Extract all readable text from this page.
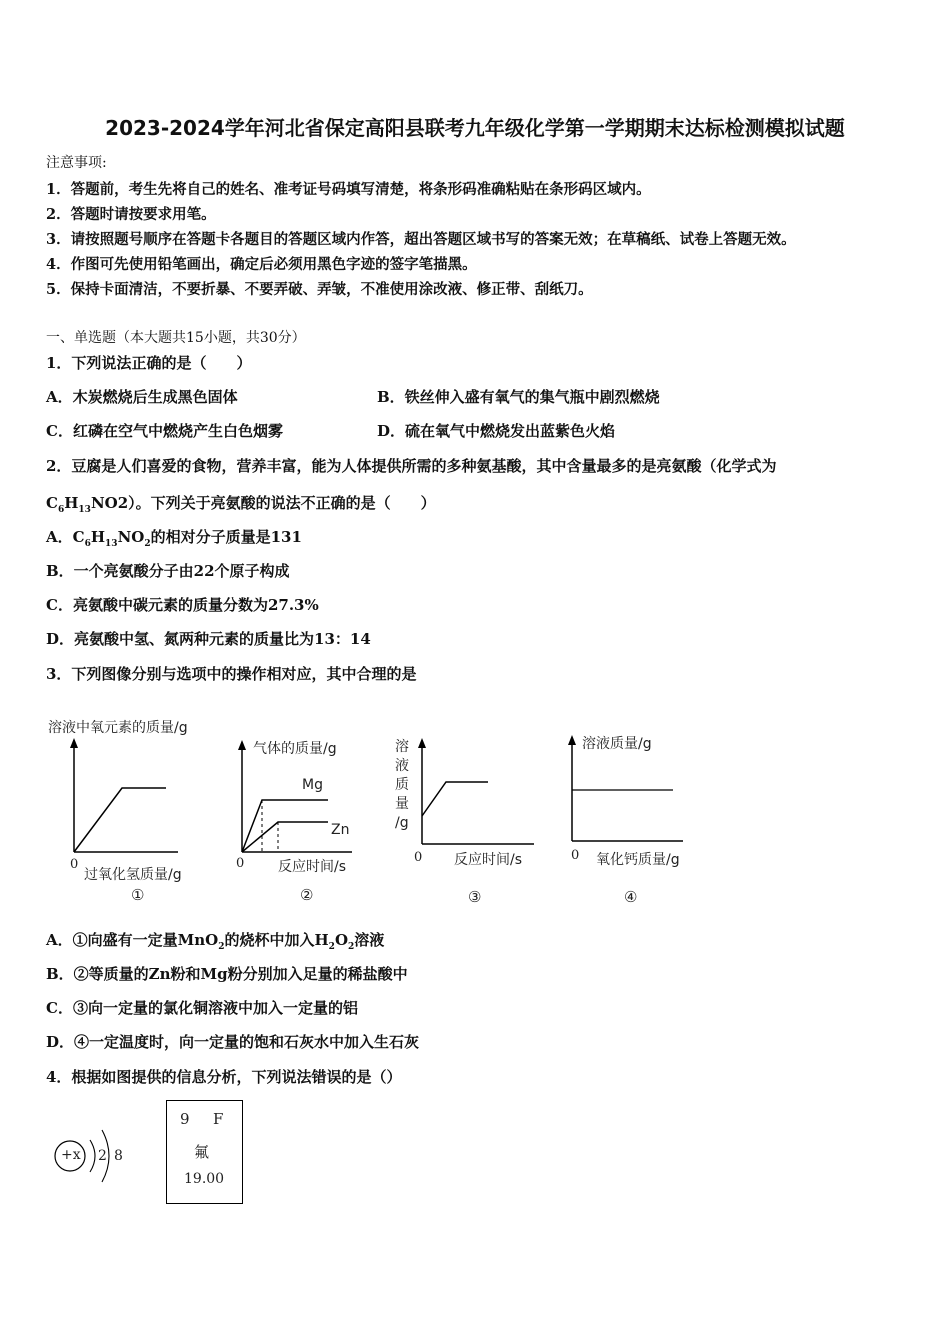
2023-2024学年河北省保定高阳县联考九年级化学第一学期期末达标检测模拟试题
注意事项:
1．答题前，考生先将自己的姓名、准考证号码填写清楚，将条形码准确粘贴在条形码区域内。
2．答题时请按要求用笔。
3．请按照题号顺序在答题卡各题目的答题区域内作答，超出答题区域书写的答案无效；在草稿纸、试卷上答题无效。
4．作图可先使用铅笔画出，确定后必须用黑色字迹的签字笔描黑。
5．保持卡面清洁，不要折暴、不要弄破、弄皱，不准使用涂改液、修正带、刮纸刀。
一、单选题（本大题共15小题，共30分）
1．下列说法正确的是（　　）
A．木炭燃烧后生成黑色固体	B．铁丝伸入盛有氧气的集气瓶中剧烈燃烧
C．红磷在空气中燃烧产生白色烟雾	D．硫在氧气中燃烧发出蓝紫色火焰
2．豆腐是人们喜爱的食物，营养丰富，能为人体提供所需的多种氨基酸，其中含量最多的是亮氨酸（化学式为
$C_6H_{13}NO2$）。下列关于亮氨酸的说法不正确的是（　　）
A．$C_6H_{13}NO_2$的相对分子质量是131
B．一个亮氨酸分子由22个原子构成
C．亮氨酸中碳元素的质量分数为27.3%
D．亮氨酸中氢、氮两种元素的质量比为13：14
3．下列图像分别与选项中的操作相对应，其中合理的是
溶液中氧元素的质量/g
0
过氧化氢质量/g
①
气体的质量/g
Mg
Zn
0 反应时间/s
②
溶
液
质
量
/g
0 反应时间/s
③
溶液质量/g
0 氧化钙质量/g
④
A．①向盛有一定量MnO$_2$的烧杯中加入$H_2O_2$溶液
B．②等质量的Zn粉和Mg粉分别加入足量的稀盐酸中
C．③向一定量的氯化铜溶液中加入一定量的铝
D．④一定温度时，向一定量的饱和石灰水中加入生石灰
4．根据如图提供的信息分析，下列说法错误的是（）
+x 2 8
9 F
氟
19.00
